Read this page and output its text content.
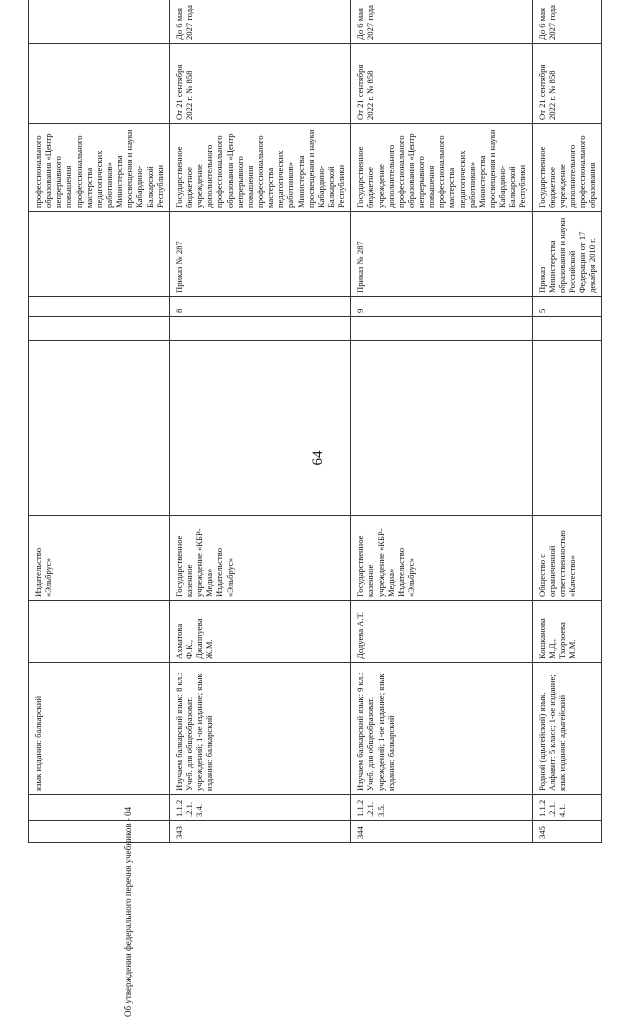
64
Об утверждении федерального перечня учебников - 04
		язык издания: балкарский		Издательство «Эльбрус»					профессионального образования «Центр непрерывного повышения профессионального мастерства педагогических работников» Министерства просвещения и науки Кабардино-Балкарской Республики		
343	1.1.2.2.1.3.4.	Изучаем балкарский язык: 8 кл.: Учеб. для общеобразоват. учреждений; 1-ое издание; язык издания: балкарский	Ахматова Ф.К., Джаппуева Ж.М.	Государственное казенное учреждение «КБР-Медиа» Издательство «Эльбрус»			8	Приказ № 287	Государственное бюджетное учреждение дополнительного профессионального образования «Центр непрерывного повышения профессионального мастерства педагогических работников» Министерства просвещения и науки Кабардино-Балкарской Республики	От 21 сентября 2022 г. № 858	До 6 мая 2027 года
344	1.1.2.2.1.3.5.	Изучаем балкарский язык: 9 кл.: Учеб. для общеобразоват. учреждений; 1-ое издание; язык издания: балкарский	Додуева А.Т.	Государственное казенное учреждение «КБР-Медиа» Издательство «Эльбрус»			9	Приказ № 287	Государственное бюджетное учреждение дополнительного профессионального образования «Центр непрерывного повышения профессионального мастерства педагогических работников» Министерства просвещения и науки Кабардино-Балкарской Республики	От 21 сентября 2022 г. № 858	До 6 мая 2027 года
345	1.1.2.2.1.4.1.	Родной (адыгейский) язык. Алфавит: 5 класс; 1-ое издание; язык издания: адыгейский	Кошканова М.Д., Тхорзоева М.М.	Общество с ограниченной ответственностью «Качество»			5	Приказ Министерства образования и науки Российской Федерации от 17 декабря 2010 г.	Государственное бюджетное учреждение дополнительного профессионального образования	От 21 сентября 2022 г. № 858	До 6 мая 2027 года
